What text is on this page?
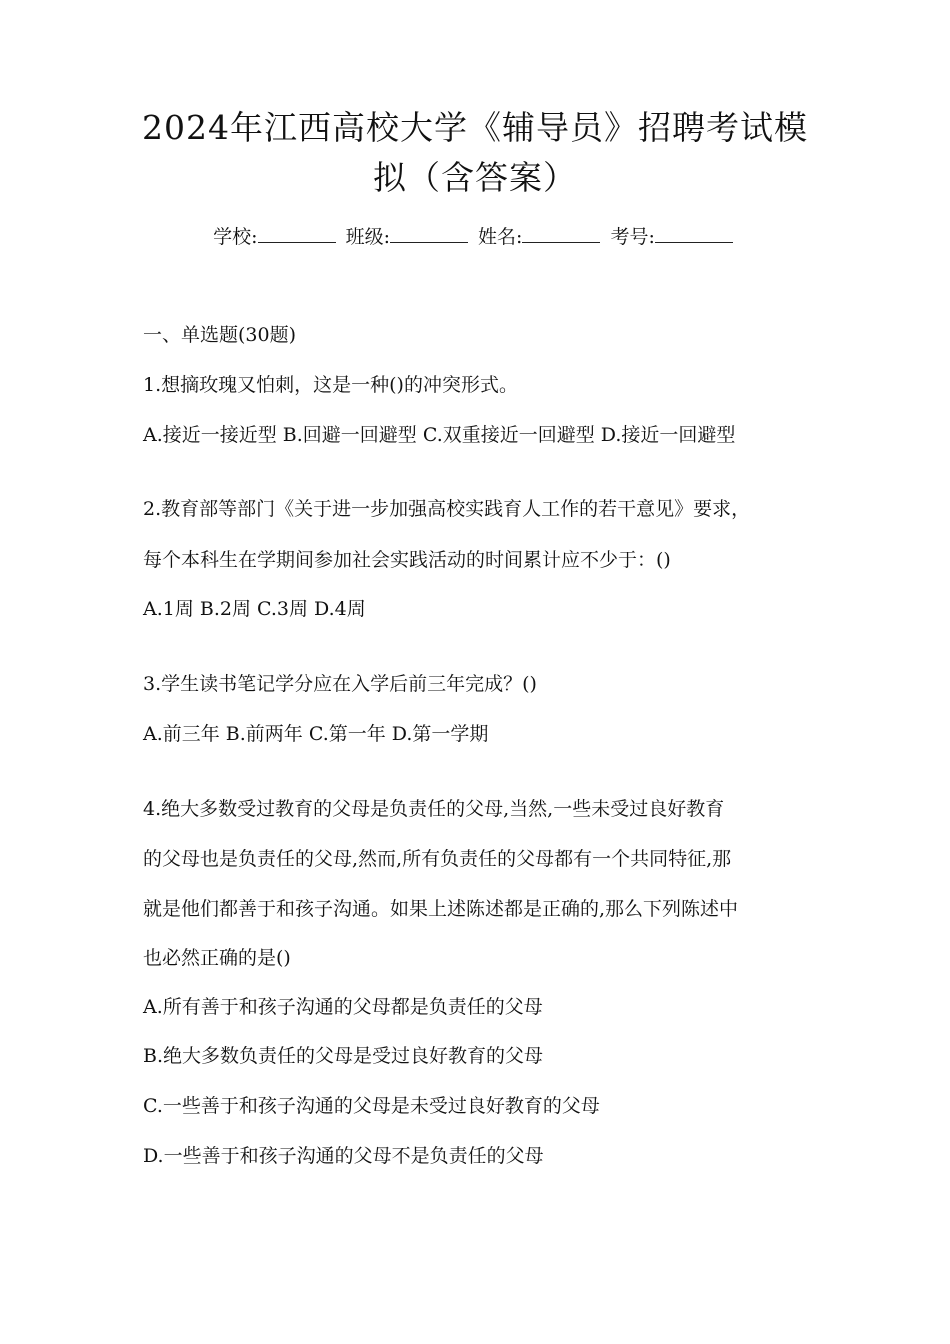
2024年江西高校大学《辅导员》招聘考试模
拟（含答案）
学校:	班级:	姓名:	考号:
一、单选题(30题)
1.想摘玫瑰又怕刺，这是一种()的冲突形式。
A.接近一接近型 B.回避一回避型 C.双重接近一回避型 D.接近一回避型
2.教育部等部门《关于进一步加强高校实践育人工作的若干意见》要求，
每个本科生在学期间参加社会实践活动的时间累计应不少于：()
A.1周 B.2周 C.3周 D.4周
3.学生读书笔记学分应在入学后前三年完成？()
A.前三年 B.前两年 C.第一年 D.第一学期
4.绝大多数受过教育的父母是负责任的父母,当然,一些未受过良好教育
的父母也是负责任的父母,然而,所有负责任的父母都有一个共同特征,那
就是他们都善于和孩子沟通。如果上述陈述都是正确的,那么下列陈述中
也必然正确的是()
A.所有善于和孩子沟通的父母都是负责任的父母
B.绝大多数负责任的父母是受过良好教育的父母
C.一些善于和孩子沟通的父母是未受过良好教育的父母
D.一些善于和孩子沟通的父母不是负责任的父母
